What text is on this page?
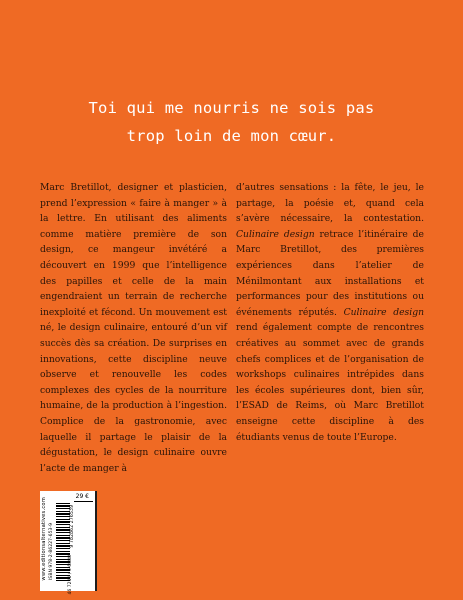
Toi qui me nourris ne sois pas
trop loin de mon cœur.

Marc Bretillot, designer et plasticien, prend l’expression « faire à manger » à la lettre. En utilisant des aliments comme matière première de son design, ce mangeur invétéré a découvert en 1999 que l’intelligence des papilles et celle de la main engendraient un terrain de recherche inexploité et fécond. Un mouvement est né, le design culinaire, entouré d’un vif succès dès sa création. De surprises en innovations, cette discipline neuve observe et renouvelle les codes complexes des cycles de la nourriture humaine, de la production à l’ingestion. Complice de la gastronomie, avec laquelle il partage le plaisir de la dégustation, le design culinaire ouvre l’acte de manger à

d’autres sensations : la fête, le jeu, le partage, la poésie et, quand cela s’avère nécessaire, la contestation. Culinaire design retrace l’itinéraire de Marc Bretillot, des premières expériences dans l’atelier de Ménilmontant aux installations et performances pour des institutions ou événements réputés. Culinaire design rend également compte de rencontres créatives au sommet avec de grands chefs complices et de l’organisation de workshops culinaires intrépides dans les écoles supérieures dont, bien sûr, l’ESAD de Reims, où Marc Bretillot enseigne cette discipline à des étudiants venus de toute l’Europe.

29 €
www.editionsalternatives.com ISBN 978-2-86227-653-9	9 782862 276539
46 7211 / 5 6888
